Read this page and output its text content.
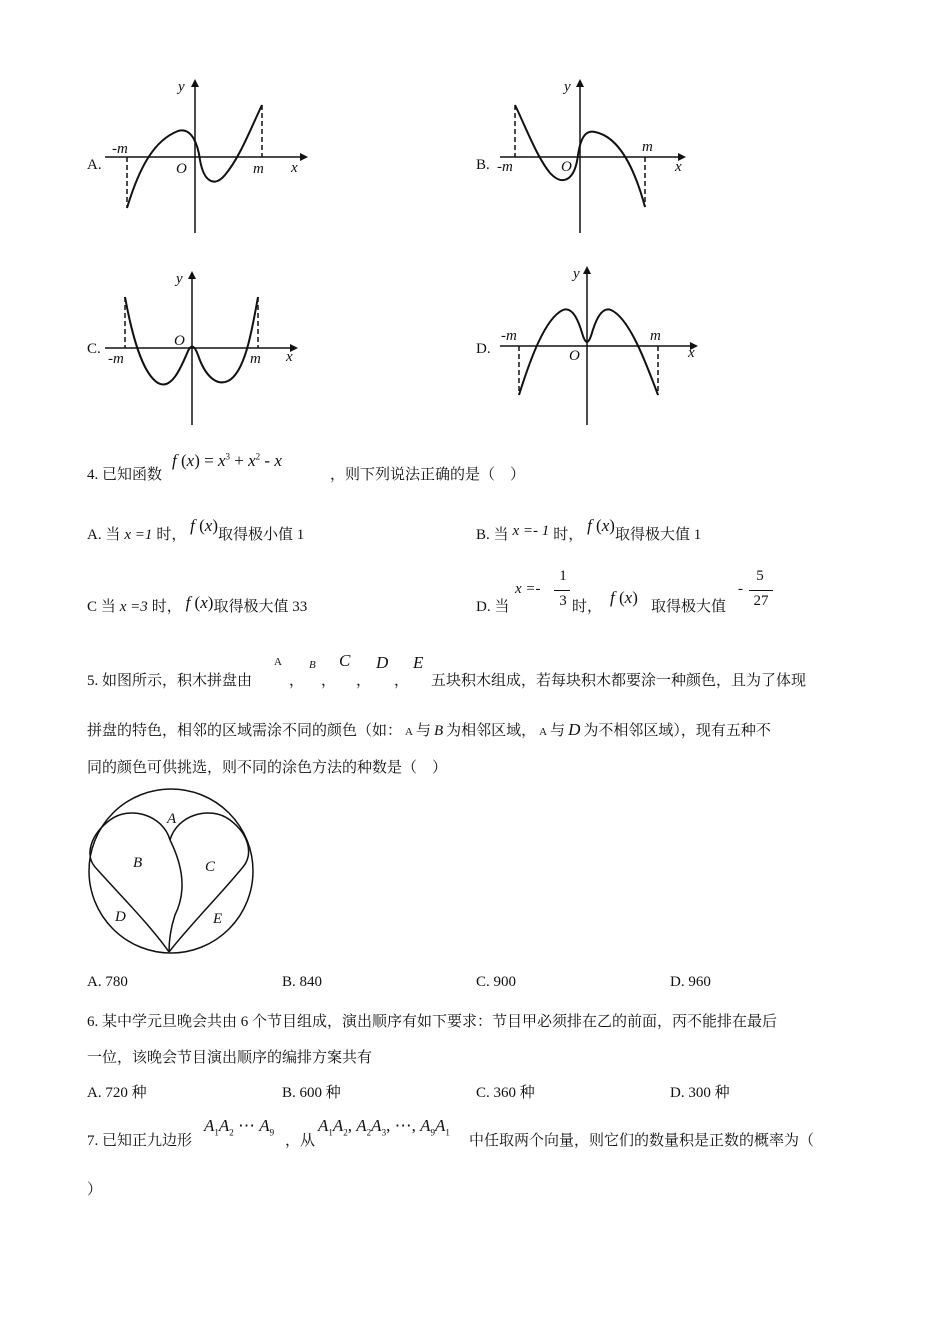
A.
-m
m
O	x
y
B. -m
m
O	x
y
C.
-m	m
O
x
y
D.
-m	m
O	x
y
4. 已知函数
f $(x) = x^3 + x^2 - x$
，则下列说法正确的是（　）
A. 当 x =1 时， f (x)取得极小值 1	B. 当 x =- 1 时， f (x)取得极大值 1
C 当 x =3 时， f (x)取得极大值 33	D. 当
x =-
1
3 时， f (x) 取得极大值
-
5
27
5. 如图所示，积木拼盘由
A
，
B
，
C
，
D
，
E
五块积木组成，若每块积木都要涂一种颜色，且为了体现
拼盘的特色，相邻的区域需涂不同的颜色（如： A 与 B 为相邻区域， A 与 D 为不相邻区域），现有五种不
同的颜色可供挑选，则不同的涂色方法的种数是（　）
A
B	C
D	E
A. 780	B. 840	C. 900	D. 960
6. 某中学元旦晚会共由 6 个节目组成，演出顺序有如下要求：节目甲必须排在乙的前面，丙不能排在最后
一位，该晚会节目演出顺序的编排方案共有
A. 720 种	B. 600 种	C. 360 种	D. 300 种
7. 已知正九边形
$A_1A_2$ ⋯ $A_9$
，从
$A_1A_2$, $A_2A_3$, ⋯, $A_9A_1$
中任取两个向量，则它们的数量积是正数的概率为（
）
